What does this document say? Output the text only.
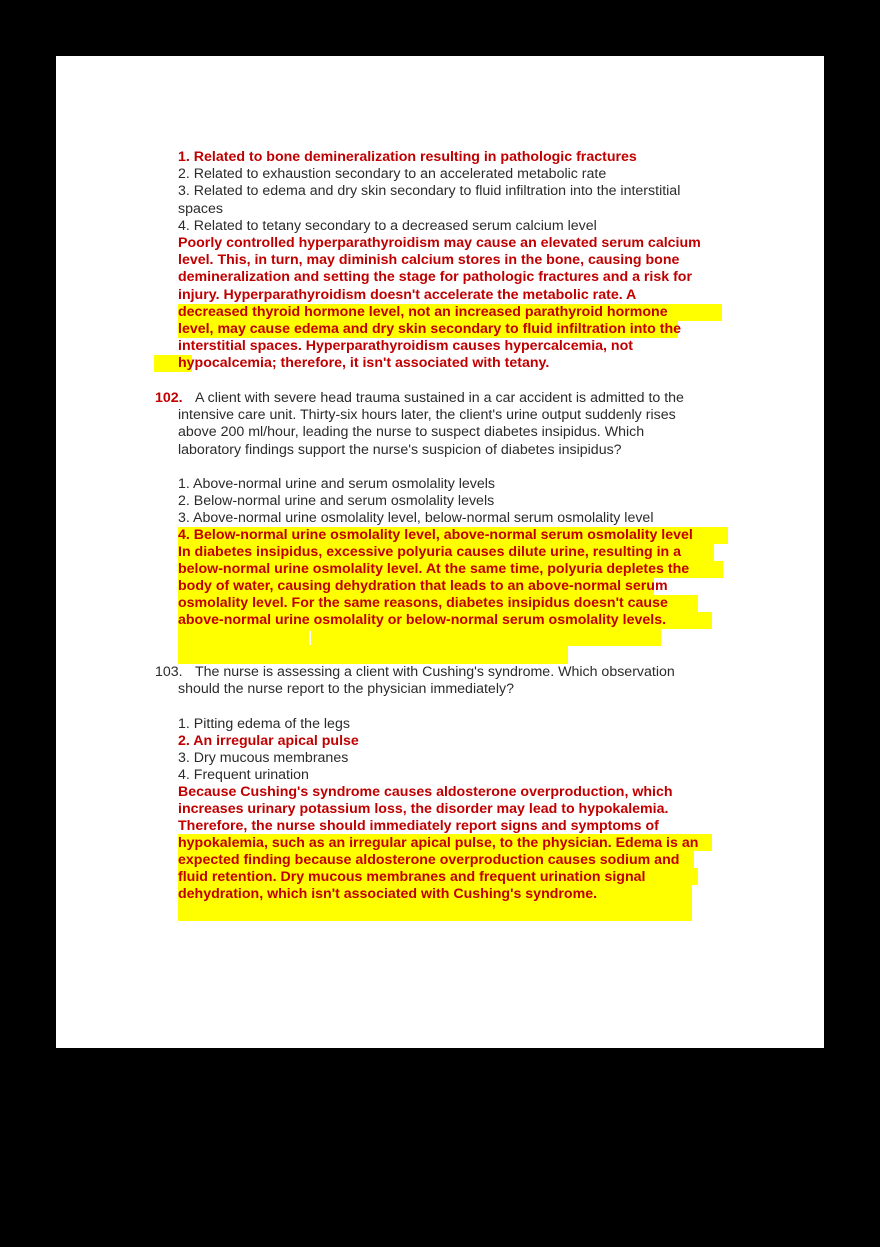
1. Related to bone demineralization resulting in pathologic fractures
2. Related to exhaustion secondary to an accelerated metabolic rate
3. Related to edema and dry skin secondary to fluid infiltration into the interstitial
spaces
4. Related to tetany secondary to a decreased serum calcium level
Poorly controlled hyperparathyroidism may cause an elevated serum calcium
level. This, in turn, may diminish calcium stores in the bone, causing bone
demineralization and setting the stage for pathologic fractures and a risk for
injury. Hyperparathyroidism doesn't accelerate the metabolic rate. A
decreased thyroid hormone level, not an increased parathyroid hormone
level, may cause edema and dry skin secondary to fluid infiltration into the
interstitial spaces. Hyperparathyroidism causes hypercalcemia, not
hypocalcemia; therefore, it isn't associated with tetany.
102. A client with severe head trauma sustained in a car accident is admitted to the
intensive care unit. Thirty-six hours later, the client's urine output suddenly rises
above 200 ml/hour, leading the nurse to suspect diabetes insipidus. Which
laboratory findings support the nurse's suspicion of diabetes insipidus?
1. Above-normal urine and serum osmolality levels
2. Below-normal urine and serum osmolality levels
3. Above-normal urine osmolality level, below-normal serum osmolality level
4. Below-normal urine osmolality level, above-normal serum osmolality level
In diabetes insipidus, excessive polyuria causes dilute urine, resulting in a
below-normal urine osmolality level. At the same time, polyuria depletes the
body of water, causing dehydration that leads to an above-normal serum
osmolality level. For the same reasons, diabetes insipidus doesn't cause
above-normal urine osmolality or below-normal serum osmolality levels.
103. The nurse is assessing a client with Cushing's syndrome. Which observation
should the nurse report to the physician immediately?
1. Pitting edema of the legs
2. An irregular apical pulse
3. Dry mucous membranes
4. Frequent urination
Because Cushing's syndrome causes aldosterone overproduction, which
increases urinary potassium loss, the disorder may lead to hypokalemia.
Therefore, the nurse should immediately report signs and symptoms of
hypokalemia, such as an irregular apical pulse, to the physician. Edema is an
expected finding because aldosterone overproduction causes sodium and
fluid retention. Dry mucous membranes and frequent urination signal
dehydration, which isn't associated with Cushing's syndrome.
